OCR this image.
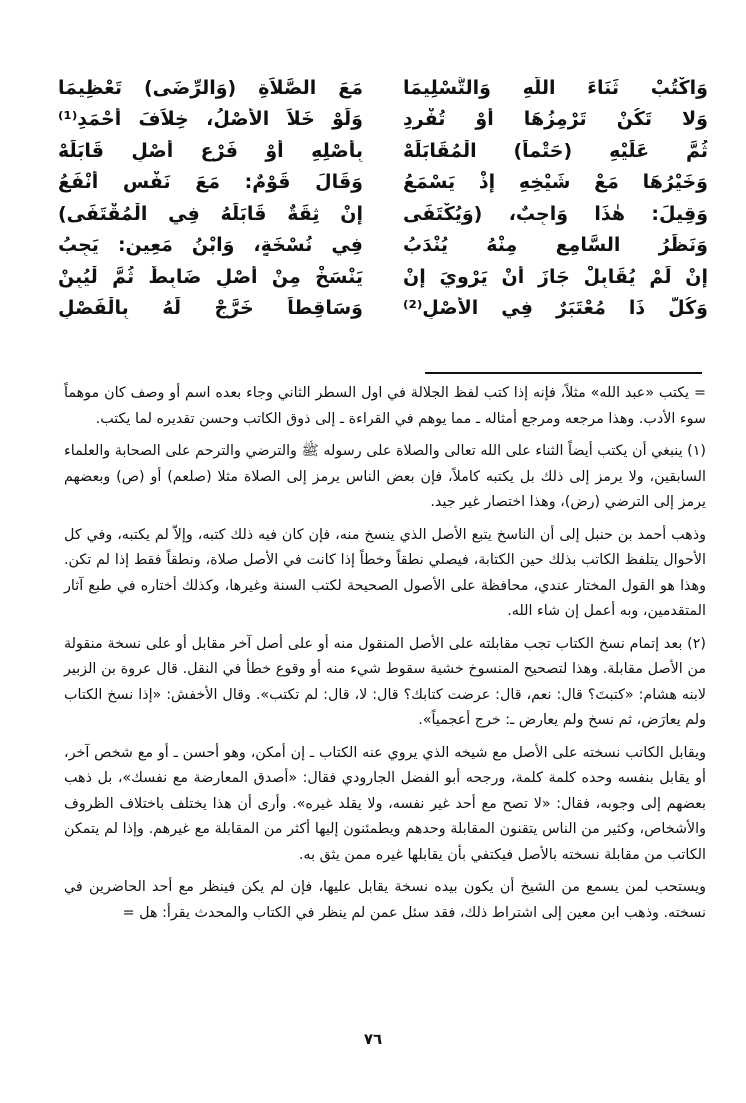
وَاكْتُبْ ثَنَاءَ اللَّهِ وَالتَّسْلِيمَا
مَعَ الصَّلاَةِ (وَالرِّضَى) تَعْظِيمَا
وَلا تَكُنْ تَرْمِزُهَا أَوْ تُفْرِدِ
وَلَوْ خَلاَ الأَصْلُ، خِلاَفَ أَحْمَدِ⁽¹⁾
ثُمَّ عَلَيْهِ (حَتْماً) الْمُقَابَلَهْ
بِأَصْلِهِ أَوْ فَرْعِ أَصْلٍ قَابَلَهْ
وَخَيْرُهَا مَعْ شَيْخِهِ إِذْ يَسْمَعُ
وَقَالَ قَوْمٌ: مَعَ نَفْسٍ أَنْفَعُ
وَقِيلَ: هٰذَا وَاجِبٌ، (وَيُكْتَفَى
إِنْ ثِقَةٌ قَابَلَهُ فِي الْمُقْتَفَى)
وَنَظَرُ السَّامِعِ مِنْهُ يُنْدَبُ
فِي نُسْخَةٍ، وَابْنُ مَعِينٍ: يَجِبُ
إِنْ لَمْ يُقَابِلْ جَازَ أَنْ يَرْوِيَ إِنْ
يَنْسَخْ مِنْ أَصْلٍ ضَابِطٌ ثُمَّ لْيُبِنْ
وَكُلُّ ذَا مُعْتَبَرٌ فِي الأَصْلِ⁽²⁾
وَسَاقِطاً خَرَّجْ لَهُ بِالْفَصْلِ

= يكتب «عبد الله» مثلاً، فإنه إذا كتب لفظ الجلالة في اول السطر الثاني وجاء بعده اسم أو وصف كان موهماً سوء الأدب. وهذا مرجعه ومرجع أمثاله ـ مما يوهم في القراءة ـ إلى ذوق الكاتب وحسن تقديره لما يكتب.

(١) ينبغي أن يكتب أيضاً الثناء على الله تعالى والصلاة على رسوله ﷺ والترضي والترحم على الصحابة والعلماء السابقين، ولا يرمز إلى ذلك بل يكتبه كاملاً، فإن بعض الناس يرمز إلى الصلاة مثلا (صلعم) أو (ص) وبعضهم يرمز إلى الترضي (رض)، وهذا اختصار غير جيد.

وذهب أحمد بن حنبل إلى أن الناسخ يتبع الأصل الذي ينسخ منه، فإن كان فيه ذلك كتبه، وإلاّ لم يكتبه، وفي كل الأحوال يتلفظ الكاتب بذلك حين الكتابة، فيصلي نطقاً وخطاً إذا كانت في الأصل صلاة، ونطقاً فقط إذا لم تكن. وهذا هو القول المختار عندي، محافظة على الأصول الصحيحة لكتب السنة وغيرها، وكذلك أختاره في طبع آثار المتقدمين، وبه أعمل إن شاء الله.

(٢) بعد إتمام نسخ الكتاب تجب مقابلته على الأصل المنقول منه أو على أصل آخر مقابل أو على نسخة منقولة من الأصل مقابلة. وهذا لتصحيح المنسوخ خشية سقوط شيء منه أو وقوع خطأ في النقل. قال عروة بن الزبير لابنه هشام: «كتبتَ؟ قال: نعم، قال: عرضت كتابك؟ قال: لا، قال: لم تكتب». وقال الأخفش: «إذا نسخ الكتاب ولم يعارَض، ثم نسخ ولم يعارض ـ: خرج أعجمياً».

ويقابل الكاتب نسخته على الأصل مع شيخه الذي يروي عنه الكتاب ـ إن أمكن، وهو أحسن ـ أو مع شخص آخر، أو يقابل بنفسه وحده كلمة كلمة، ورجحه أبو الفضل الجارودي فقال: «أصدق المعارضة مع نفسك»، بل ذهب بعضهم إلى وجوبه، فقال: «لا تصح مع أحد غير نفسه، ولا يقلد غيره». وأرى أن هذا يختلف باختلاف الظروف والأشخاص، وكثير من الناس يتقنون المقابلة وحدهم ويطمئنون إليها أكثر من المقابلة مع غيرهم. وإذا لم يتمكن الكاتب من مقابلة نسخته بالأصل فيكتفي بأن يقابلها غيره ممن يثق به.

ويستحب لمن يسمع من الشيخ أن يكون بيده نسخة يقابل عليها، فإن لم يكن فينظر مع أحد الحاضرين في نسخته. وذهب ابن معين إلى اشتراط ذلك، فقد سئل عمن لم ينظر في الكتاب والمحدث يقرأ: هل =

٧٦
